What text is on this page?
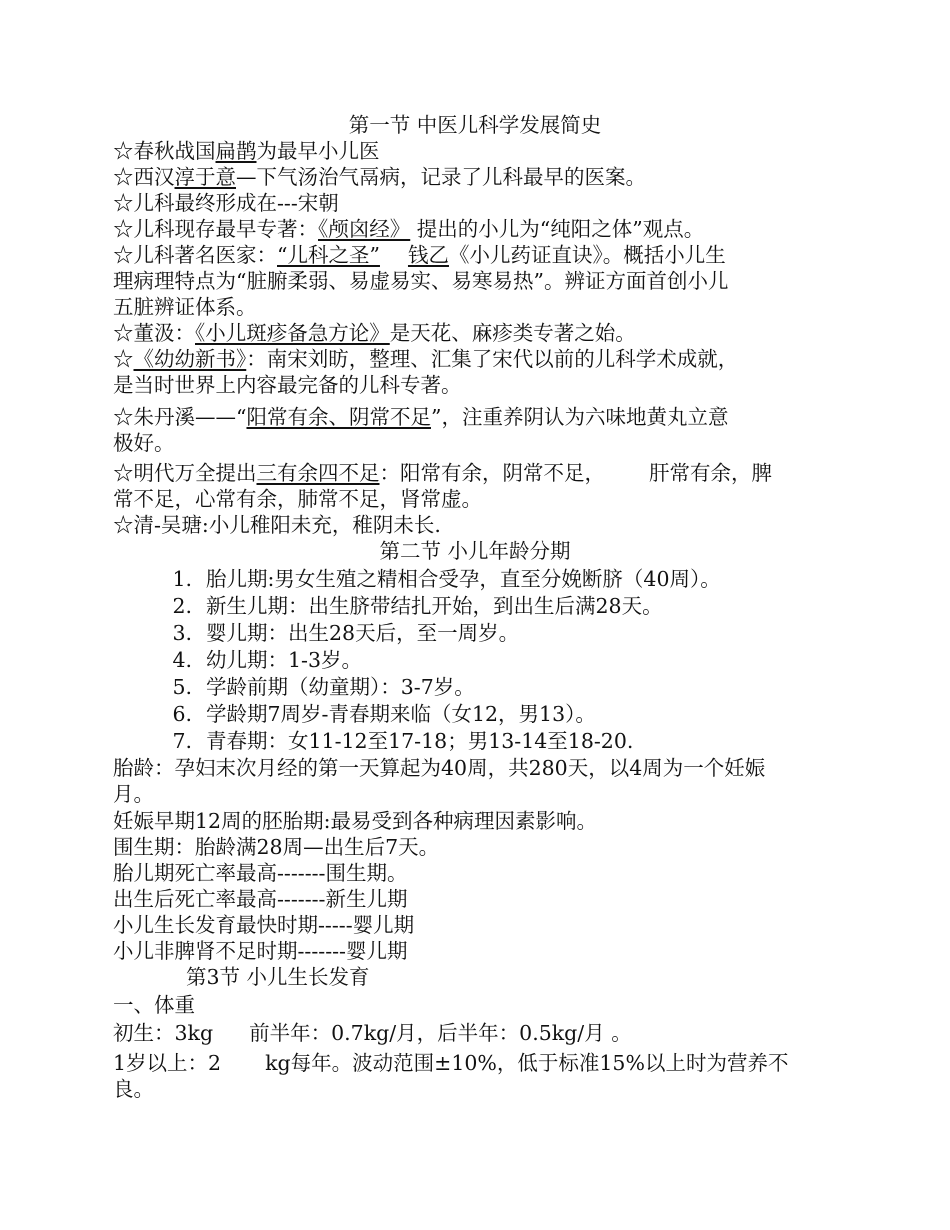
第一节 中医儿科学发展简史
☆春秋战国扁鹊为最早小儿医
☆西汉淳于意—下气汤治气鬲病，记录了儿科最早的医案。
☆儿科最终形成在---宋朝
☆儿科现存最早专著：《颅囟经》 提出的小儿为“纯阳之体”观点。
☆儿科著名医家：“儿科之圣” 钱乙《小儿药证直诀》。概括小儿生
理病理特点为“脏腑柔弱、易虚易实、易寒易热”。辨证方面首创小儿
五脏辨证体系。
☆董汲：《小儿斑疹备急方论》是天花、麻疹类专著之始。
☆《幼幼新书》：南宋刘昉，整理、汇集了宋代以前的儿科学术成就，
是当时世界上内容最完备的儿科专著。
☆朱丹溪——“阳常有余、阴常不足”，注重养阴认为六味地黄丸立意
极好。
☆明代万全提出三有余四不足：阳常有余，阴常不足， 肝常有余，脾
常不足，心常有余，肺常不足，肾常虚。
☆清-吴瑭:小儿稚阳未充，稚阴未长.
第二节 小儿年龄分期
1. 胎儿期:男女生殖之精相合受孕，直至分娩断脐（40周）。
2. 新生儿期：出生脐带结扎开始，到出生后满28天。
3. 婴儿期：出生28天后，至一周岁。
4. 幼儿期：1-3岁。
5. 学龄前期（幼童期）：3-7岁。
6. 学龄期7周岁-青春期来临（女12，男13）。
7. 青春期：女11-12至17-18；男13-14至18-20.
胎龄：孕妇末次月经的第一天算起为40周，共280天，以4周为一个妊娠
月。
妊娠早期12周的胚胎期:最易受到各种病理因素影响。
围生期：胎龄满28周—出生后7天。
胎儿期死亡率最高-------围生期。
出生后死亡率最高-------新生儿期
小儿生长发育最快时期-----婴儿期
小儿非脾肾不足时期-------婴儿期
第3节 小儿生长发育
一、体重
初生：3kg 前半年：0.7kg/月，后半年：0.5kg/月 。
1岁以上：2 kg每年。波动范围±10%，低于标准15%以上时为营养不
良。
